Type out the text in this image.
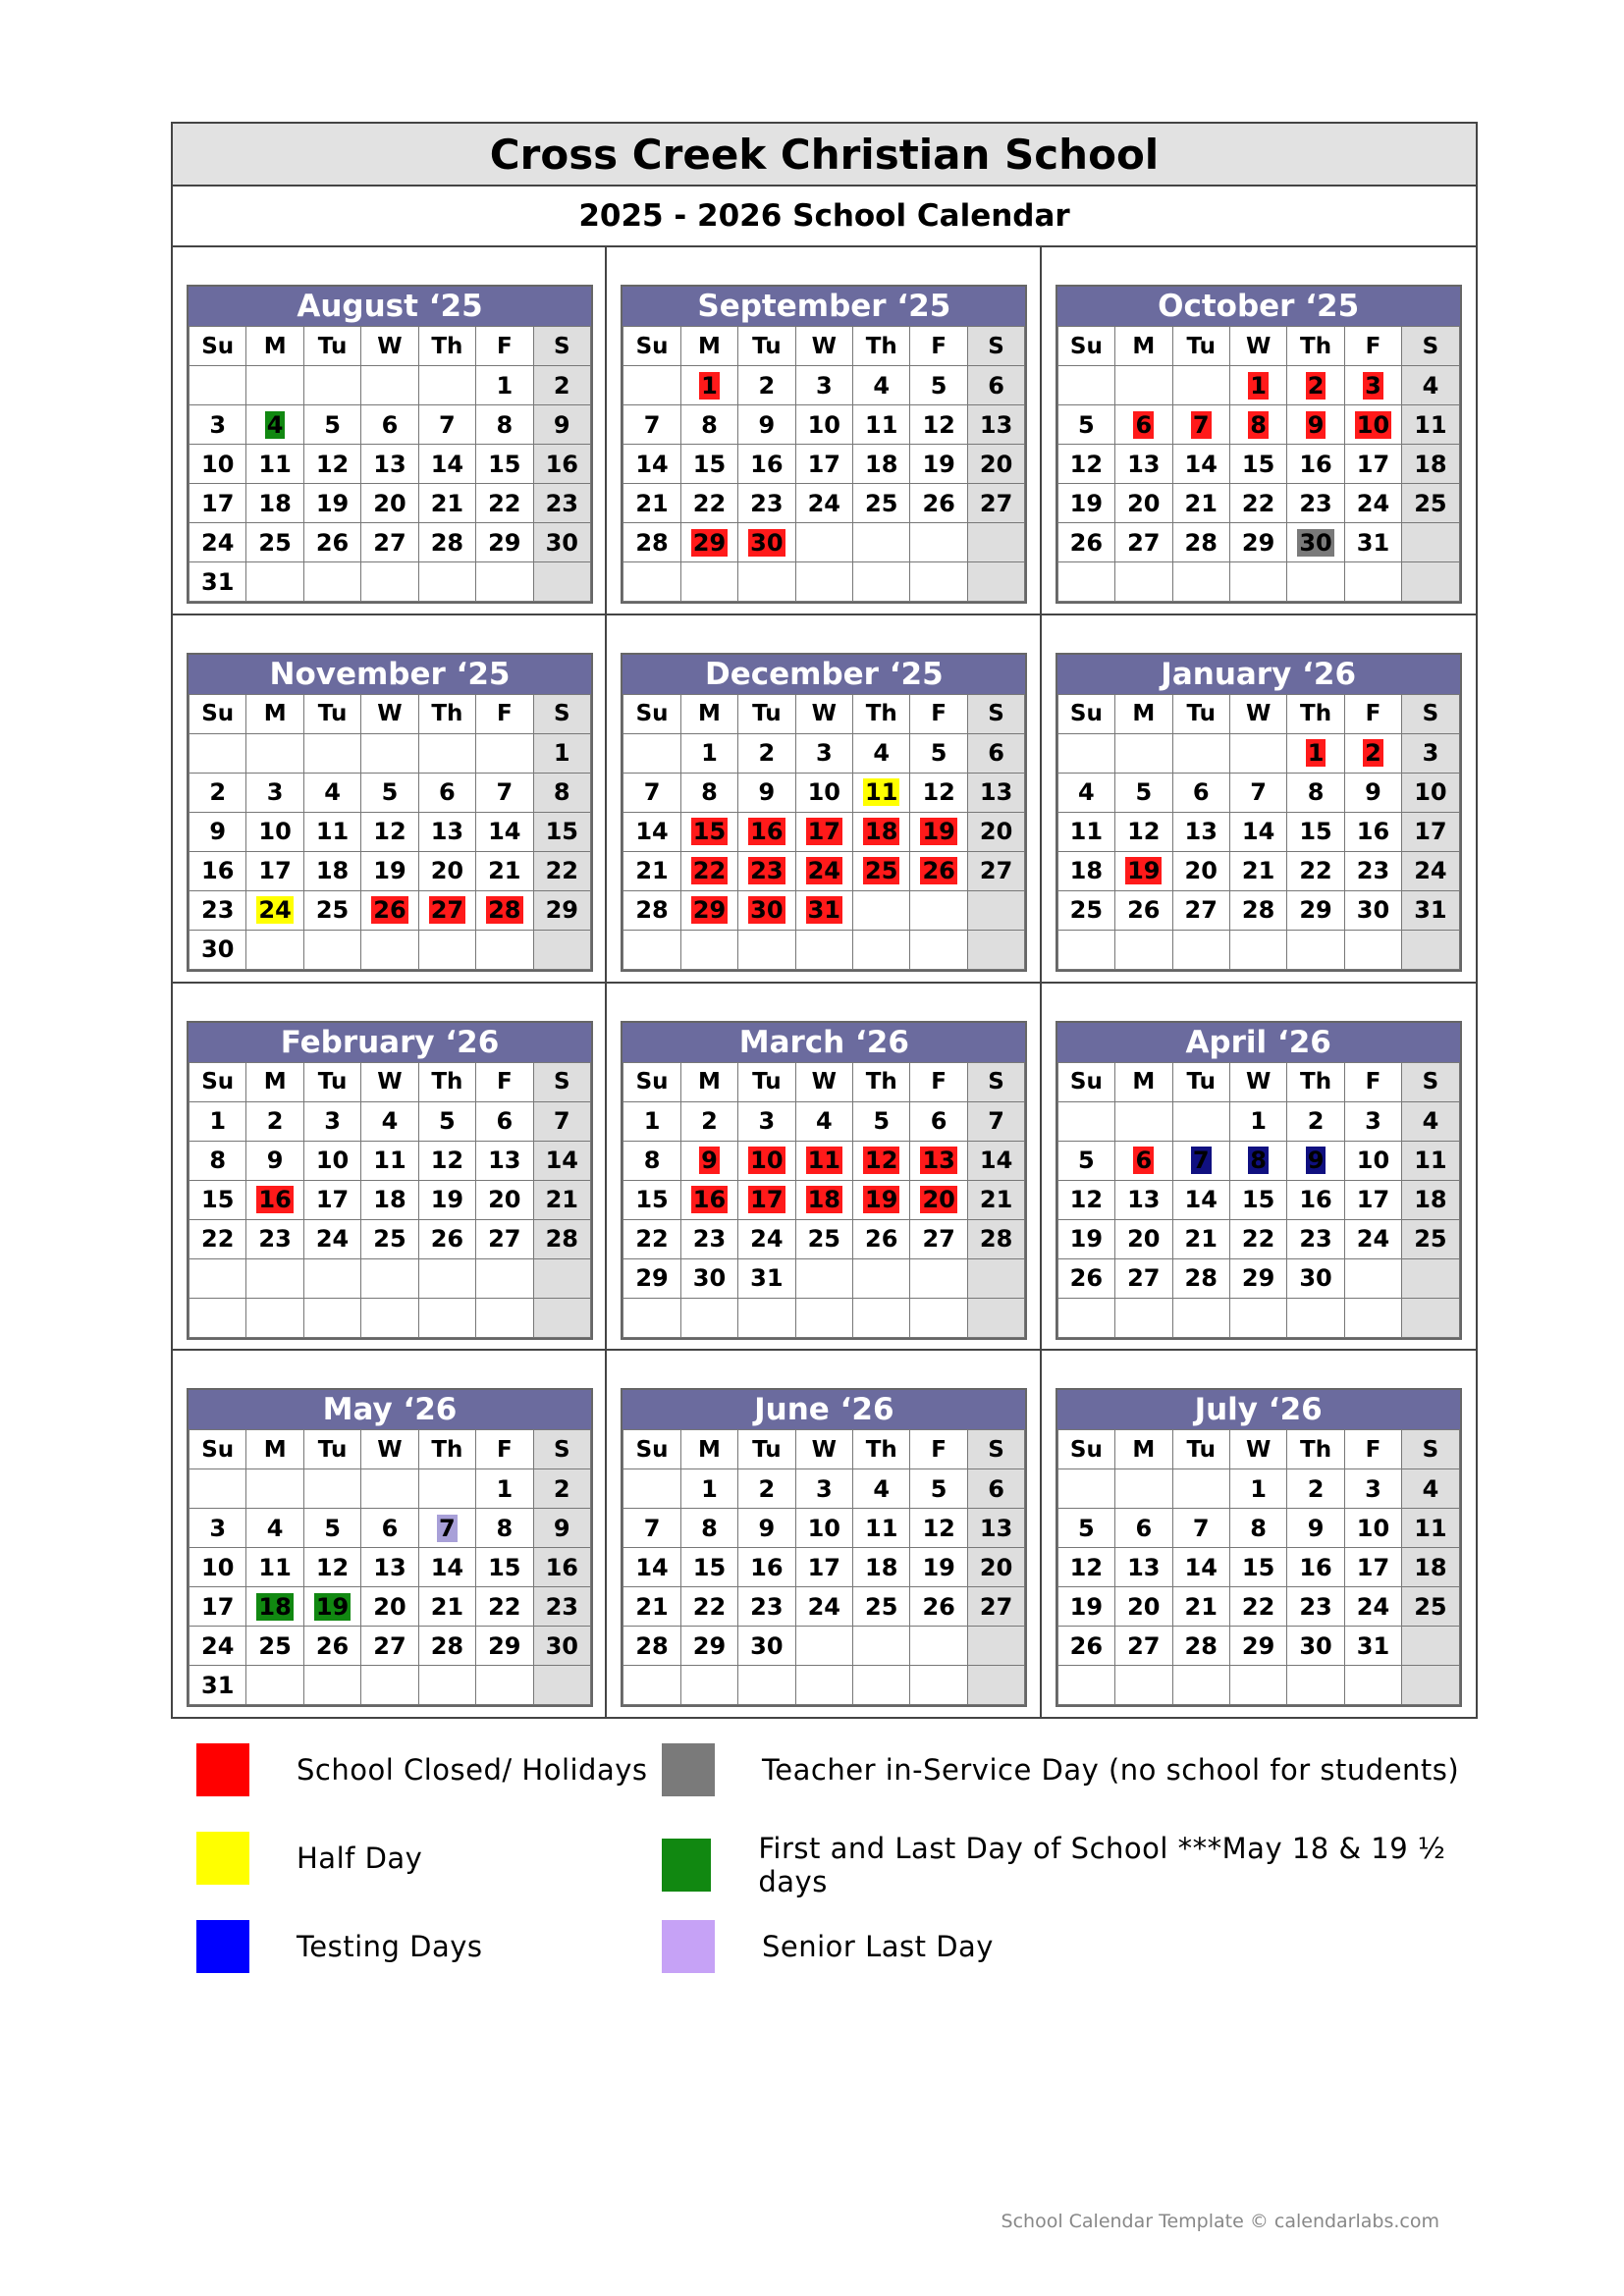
Cross Creek Christian School
2025 - 2026 School Calendar
August ‘25
Su	M	Tu	W	Th	F	S
					1	2
3	4	5	6	7	8	9
10	11	12	13	14	15	16
17	18	19	20	21	22	23
24	25	26	27	28	29	30
31						
September ‘25
Su	M	Tu	W	Th	F	S
	1	2	3	4	5	6
7	8	9	10	11	12	13
14	15	16	17	18	19	20
21	22	23	24	25	26	27
28	29	30				

October ‘25
Su	M	Tu	W	Th	F	S
			1	2	3	4
5	6	7	8	9	10	11
12	13	14	15	16	17	18
19	20	21	22	23	24	25
26	27	28	29	30	31	

November ‘25
Su	M	Tu	W	Th	F	S
						1
2	3	4	5	6	7	8
9	10	11	12	13	14	15
16	17	18	19	20	21	22
23	24	25	26	27	28	29
30						
December ‘25
Su	M	Tu	W	Th	F	S
	1	2	3	4	5	6
7	8	9	10	11	12	13
14	15	16	17	18	19	20
21	22	23	24	25	26	27
28	29	30	31			

January ‘26
Su	M	Tu	W	Th	F	S
				1	2	3
4	5	6	7	8	9	10
11	12	13	14	15	16	17
18	19	20	21	22	23	24
25	26	27	28	29	30	31

February ‘26
Su	M	Tu	W	Th	F	S
1	2	3	4	5	6	7
8	9	10	11	12	13	14
15	16	17	18	19	20	21
22	23	24	25	26	27	28

March ‘26
Su	M	Tu	W	Th	F	S
1	2	3	4	5	6	7
8	9	10	11	12	13	14
15	16	17	18	19	20	21
22	23	24	25	26	27	28
29	30	31				

April ‘26
Su	M	Tu	W	Th	F	S
			1	2	3	4
5	6	7	8	9	10	11
12	13	14	15	16	17	18
19	20	21	22	23	24	25
26	27	28	29	30		

May ‘26
Su	M	Tu	W	Th	F	S
					1	2
3	4	5	6	7	8	9
10	11	12	13	14	15	16
17	18	19	20	21	22	23
24	25	26	27	28	29	30
31						
June ‘26
Su	M	Tu	W	Th	F	S
	1	2	3	4	5	6
7	8	9	10	11	12	13
14	15	16	17	18	19	20
21	22	23	24	25	26	27
28	29	30				

July ‘26
Su	M	Tu	W	Th	F	S
			1	2	3	4
5	6	7	8	9	10	11
12	13	14	15	16	17	18
19	20	21	22	23	24	25
26	27	28	29	30	31	

School Closed/ Holidays	Teacher in-Service Day (no school for students)
Half Day	First and Last Day of School ***May 18 & 19 ½ days
Testing Days	Senior Last Day
School Calendar Template © calendarlabs.com
